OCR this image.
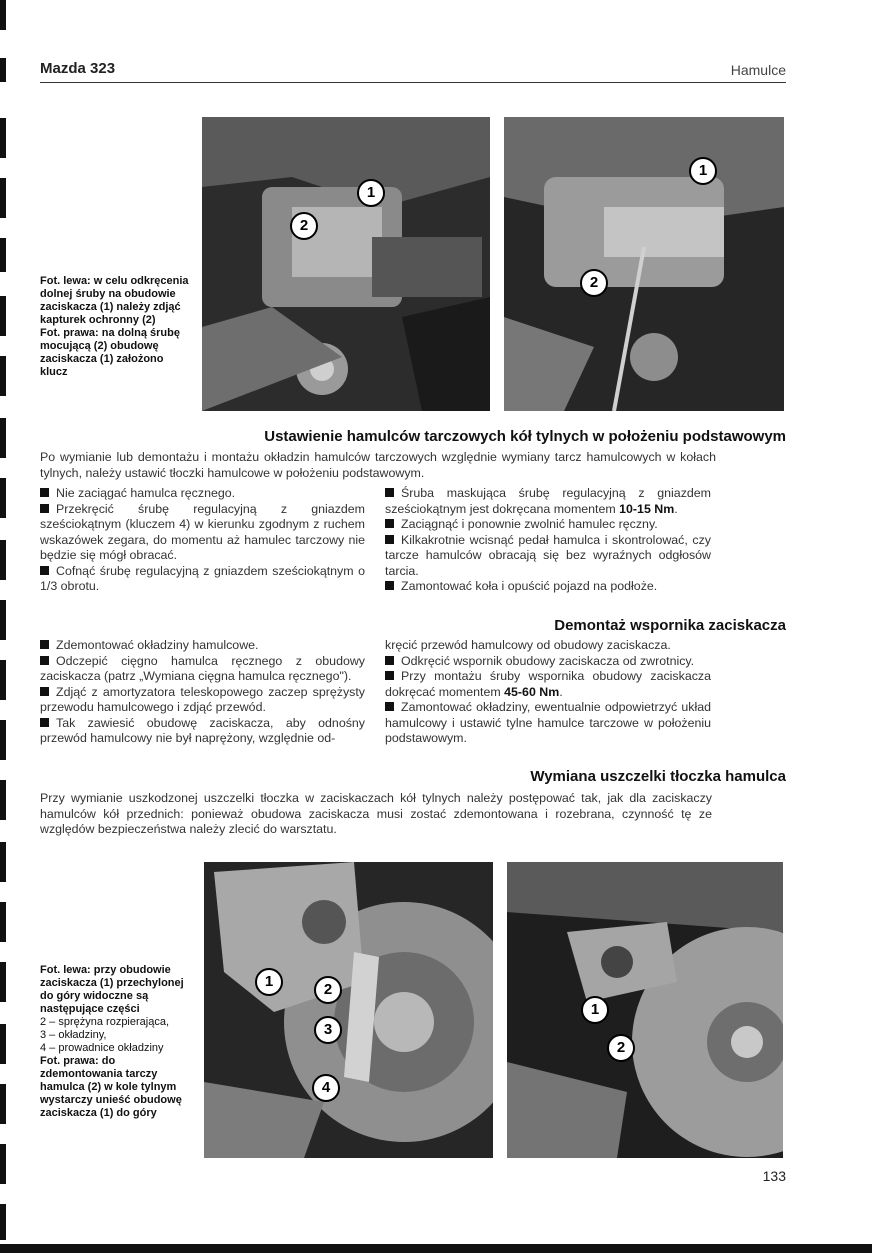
Mazda 323	Hamulce
1
2
1
2
Fot. lewa: w celu odkręcenia dolnej śruby na obudowie zaciskacza (1) należy zdjąć kapturek ochronny (2)
Fot. prawa: na dolną śrubę mocującą (2) obudowę zaciskacza (1) założono klucz
Ustawienie hamulców tarczowych kół tylnych w położeniu podstawowym
Po wymianie lub demontażu i montażu okładzin hamulców tarczowych względnie wymiany tarcz hamulcowych w kołach tylnych, należy ustawić tłoczki hamulcowe w położeniu podstawowym.

Nie zaciągać hamulca ręcznego.

Przekręcić śrubę regulacyjną z gniazdem sześciokątnym (kluczem 4) w kierunku zgodnym z ruchem wskazówek zegara, do momentu aż hamulec tarczowy nie będzie się mógł obracać.

Cofnąć śrubę regulacyjną z gniazdem sześciokątnym o 1/3 obrotu.

Śruba maskująca śrubę regulacyjną z gniazdem sześciokątnym jest dokręcana momentem 10-15 Nm.

Zaciągnąć i ponownie zwolnić hamulec ręczny.

Kilkakrotnie wcisnąć pedał hamulca i skontrolować, czy tarcze hamulców obracają się bez wyraźnych odgłosów tarcia.

Zamontować koła i opuścić pojazd na podłoże.

Demontaż wspornika zaciskacza

Zdemontować okładziny hamulcowe.

Odczepić cięgno hamulca ręcznego z obudowy zaciskacza (patrz „Wymiana cięgna hamulca ręcznego").

Zdjąć z amortyzatora teleskopowego zaczep sprężysty przewodu hamulcowego i zdjąć przewód.

Tak zawiesić obudowę zaciskacza, aby odnośny przewód hamulcowy nie był naprężony, względnie od-

kręcić przewód hamulcowy od obudowy zaciskacza.

Odkręcić wspornik obudowy zaciskacza od zwrotnicy.

Przy montażu śruby wspornika obudowy zaciskacza dokręcać momentem 45-60 Nm.

Zamontować okładziny, ewentualnie odpowietrzyć układ hamulcowy i ustawić tylne hamulce tarczowe w położeniu podstawowym.

Wymiana uszczelki tłoczka hamulca
Przy wymianie uszkodzonej uszczelki tłoczka w zaciskaczach kół tylnych należy postępować tak, jak dla zaciskaczy hamulców kół przednich: ponieważ obudowa zaciskacza musi zostać zdemontowana i rozebrana, czynność tę ze względów bezpieczeństwa należy zlecić do warsztatu.
1	2
3
4
1
2
Fot. lewa: przy obudowie zaciskacza (1) przechylonej do góry widoczne są następujące części
2 – sprężyna rozpierająca,
3 – okładziny,
4 – prowadnice okładziny
Fot. prawa: do zdemontowania tarczy hamulca (2) w kole tylnym wystarczy unieść obudowę zaciskacza (1) do góry
133
